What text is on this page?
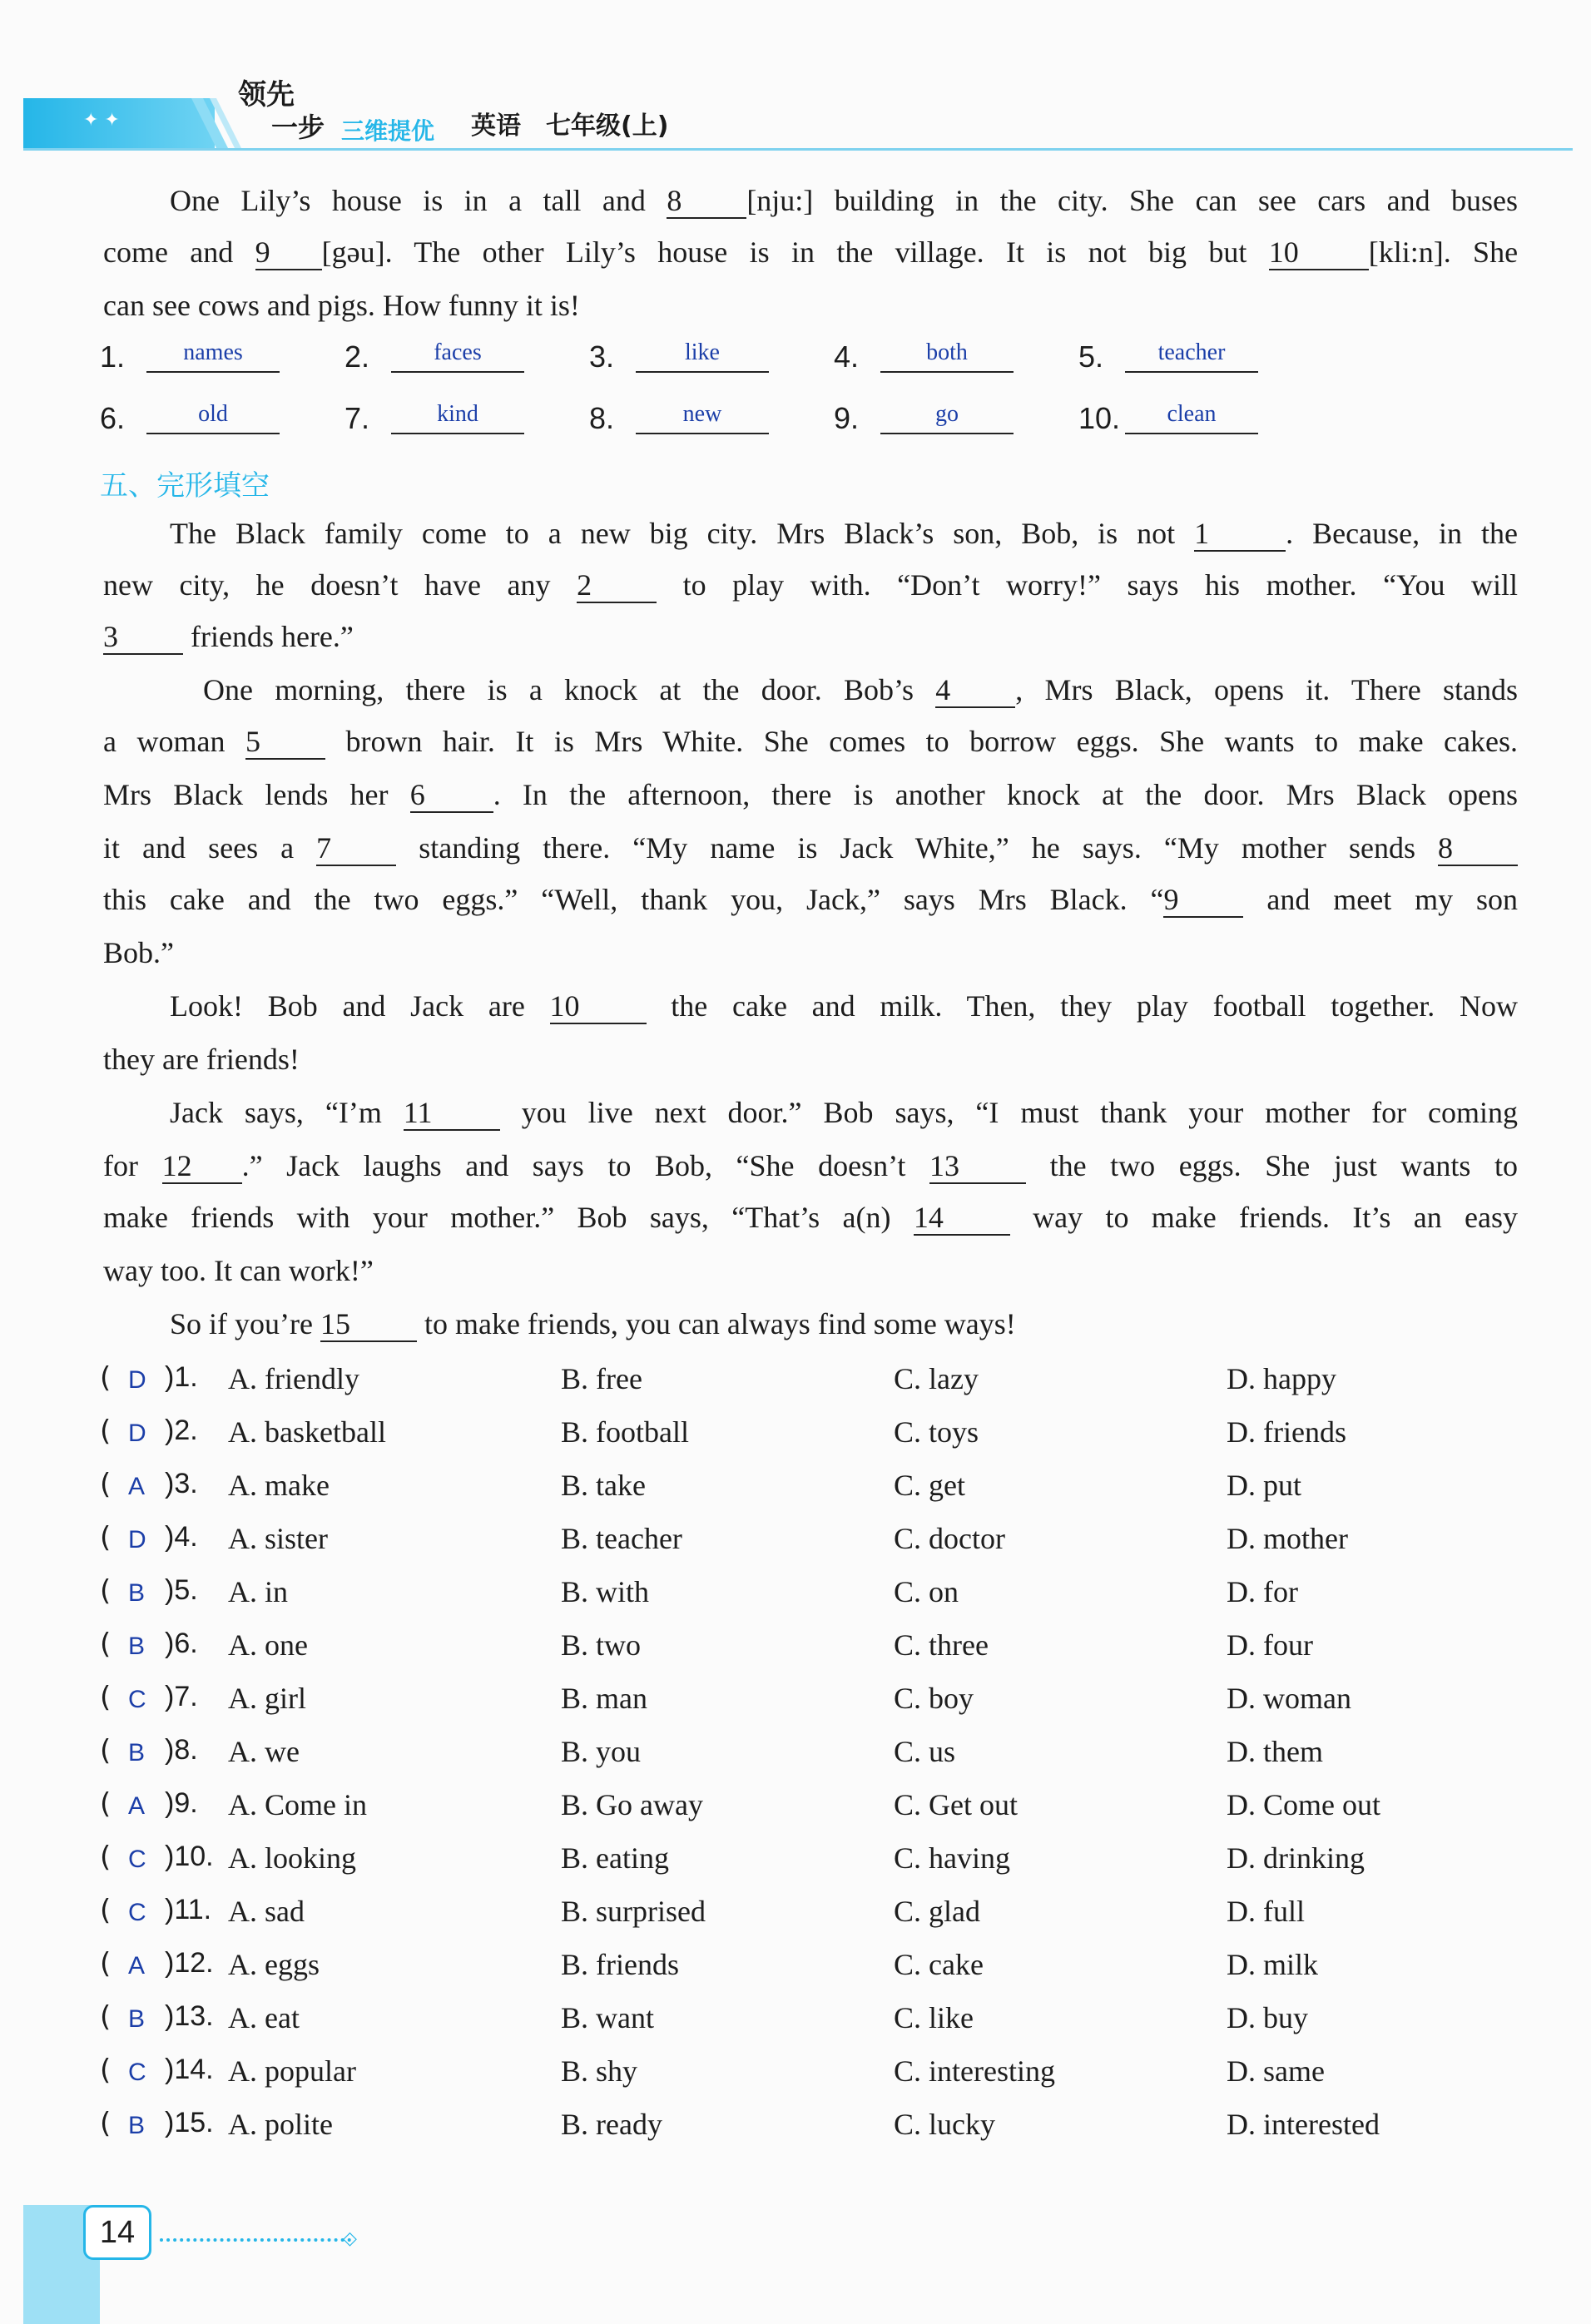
✦ ✦
领先
一步 三维提优 英语 七年级(上)
One Lily’s house is in a tall and 8 [nju:] building in the city. She can see cars and buses
come and 9 [gəu]. The other Lily’s house is in the village. It is not big but 10 [kli:n]. She
can see cows and pigs. How funny it is!
1.	names	2.	faces	3.	like	4.	both	5.	teacher
6.	old	7.	kind	8.	new	9.	go	10.	clean
五、完形填空
The Black family come to a new big city. Mrs Black’s son, Bob, is not 1	. Because, in the
new city, he doesn’t have any 2	to play with. “Don’t worry!” says his mother. “You will
3 friends here.”
One morning, there is a knock at the door. Bob’s 4 , Mrs Black, opens it. There stands
a woman 5	brown hair. It is Mrs White. She comes to borrow eggs. She wants to make cakes.
Mrs Black lends her 6 . In the afternoon, there is another knock at the door. Mrs Black opens
it and sees a 7	standing there. “My name is Jack White,” he says. “My mother sends 8
this cake and the two eggs.” “Well, thank you, Jack,” says Mrs Black. “9	and meet my son
Bob.”
Look! Bob and Jack are 10	the cake and milk. Then, they play football together. Now
they are friends!
Jack says, “I’m 11	you live next door.” Bob says, “I must thank your mother for coming
for 12 .” Jack laughs and says to Bob, “She doesn’t 13	the two eggs. She just wants to
make friends with your mother.” Bob says, “That’s a(n) 14	way to make friends. It’s an easy
way too. It can work!”
So if you’re 15 to make friends, you can always find some ways!
( D )1. A. friendly	B. free	C. lazy	D. happy
( D )2. A. basketball	B. football	C. toys	D. friends
( A )3. A. make	B. take	C. get	D. put
( D )4. A. sister	B. teacher	C. doctor	D. mother
( B )5. A. in	B. with	C. on	D. for
( B )6. A. one	B. two	C. three	D. four
( C )7. A. girl	B. man	C. boy	D. woman
( B )8. A. we	B. you	C. us	D. them
( A )9. A. Come in	B. Go away	C. Get out	D. Come out
( C )10. A. looking	B. eating	C. having	D. drinking
( C )11. A. sad	B. surprised	C. glad	D. full
( A )12. A. eggs	B. friends	C. cake	D. milk
( B )13. A. eat	B. want	C. like	D. buy
( C )14. A. popular	B. shy	C. interesting	D. same
( B )15. A. polite	B. ready	C. lucky	D. interested
14	◇
